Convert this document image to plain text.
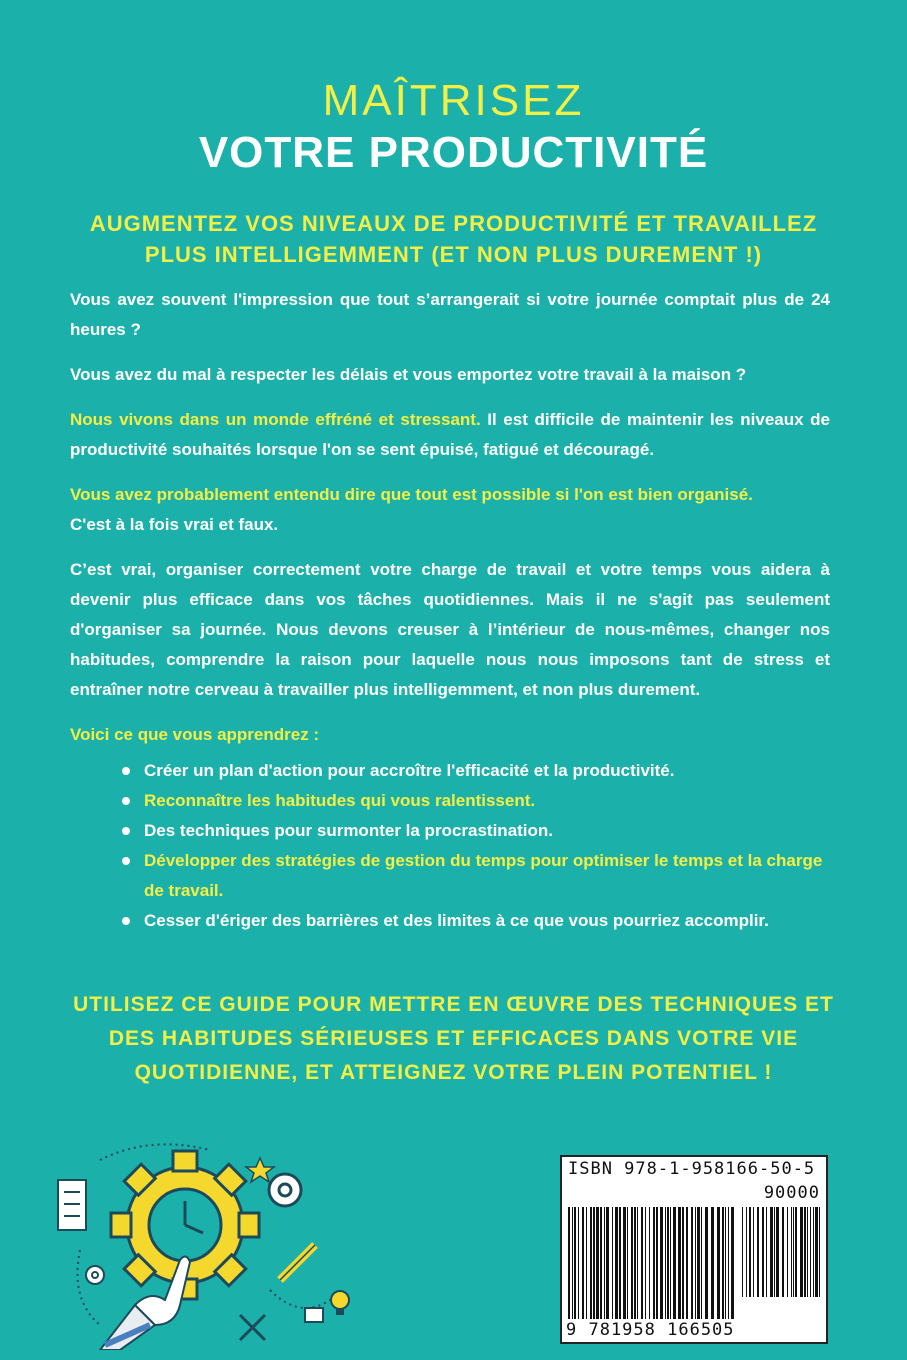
MAÎTRISEZ
VOTRE PRODUCTIVITÉ
AUGMENTEZ VOS NIVEAUX DE PRODUCTIVITÉ ET TRAVAILLEZ PLUS INTELLIGEMMENT (ET NON PLUS DUREMENT !)

Vous avez souvent l'impression que tout s’arrangerait si votre journée comptait plus de 24 heures ?

Vous avez du mal à respecter les délais et vous emportez votre travail à la maison ?

Nous vivons dans un monde effréné et stressant. Il est difficile de maintenir les niveaux de productivité souhaités lorsque l'on se sent épuisé, fatigué et découragé.

Vous avez probablement entendu dire que tout est possible si l'on est bien organisé.
C'est à la fois vrai et faux.

C’est vrai, organiser correctement votre charge de travail et votre temps vous aidera à devenir plus efficace dans vos tâches quotidiennes. Mais il ne s'agit pas seulement d'organiser sa journée. Nous devons creuser à l’intérieur de nous-mêmes, changer nos habitudes, comprendre la raison pour laquelle nous nous imposons tant de stress et entraîner notre cerveau à travailler plus intelligemment, et non plus durement.

Voici ce que vous apprendrez :

Créer un plan d'action pour accroître l'efficacité et la productivité.
Reconnaître les habitudes qui vous ralentissent.
Des techniques pour surmonter la procrastination.
Développer des stratégies de gestion du temps pour optimiser le temps et la charge de travail.
Cesser d'ériger des barrières et des limites à ce que vous pourriez accomplir.
UTILISEZ CE GUIDE POUR METTRE EN ŒUVRE DES TECHNIQUES ET DES HABITUDES SÉRIEUSES ET EFFICACES DANS VOTRE VIE QUOTIDIENNE, ET ATTEIGNEZ VOTRE PLEIN POTENTIEL !
ISBN 978-1-958166-50-5
90000
9 781958 166505
